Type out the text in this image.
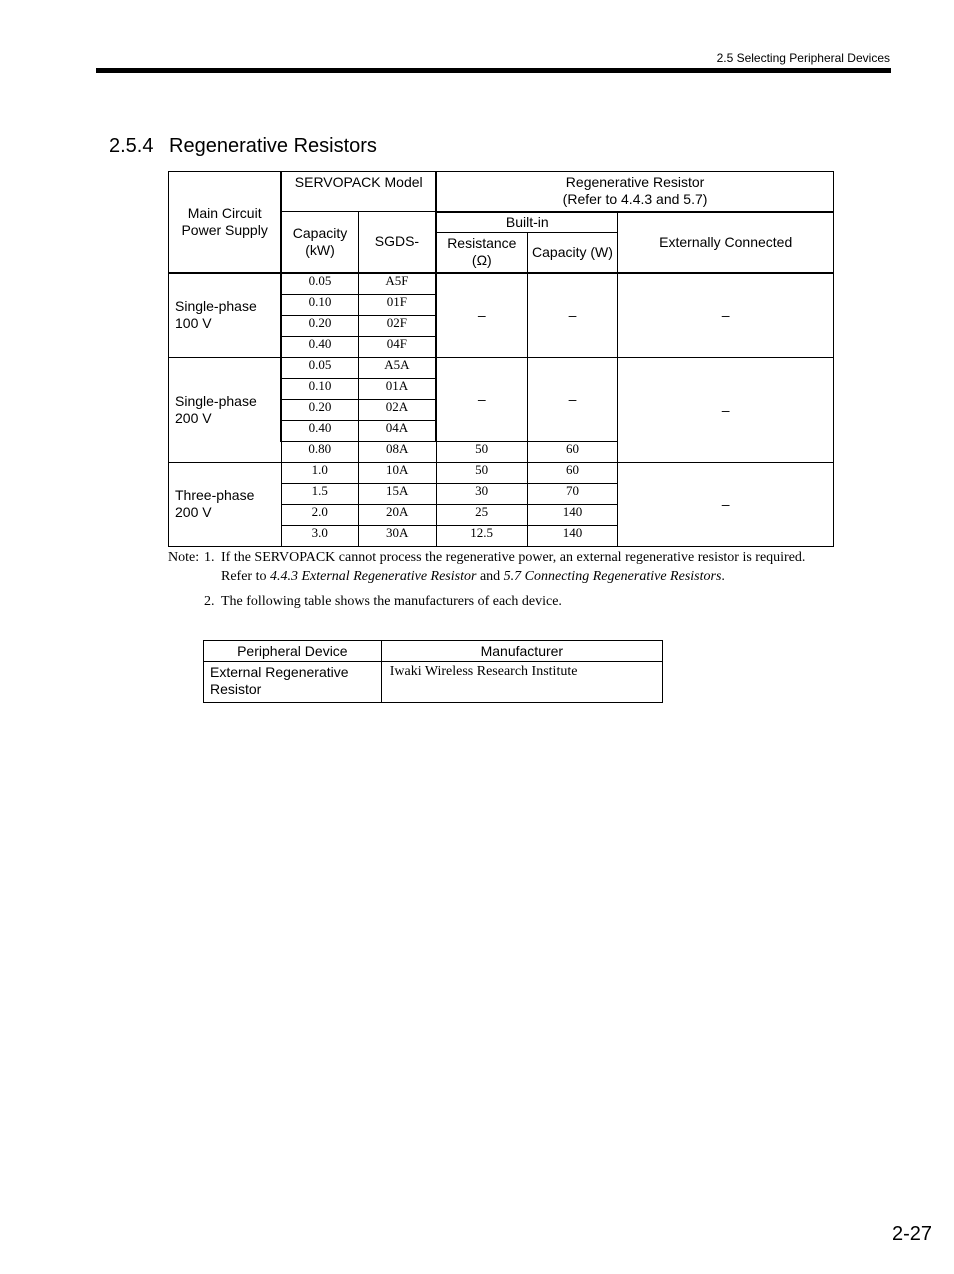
2.5 Selecting Peripheral Devices
2.5.4 Regenerative Resistors
Main Circuit Power Supply	SERVOPACK Model		Regenerative Resistor
(Refer to 4.4.3 and 5.7)		

	Capacity (kW)	SGDS-	Built-in		Externally Connected
			Resistance (Ω)	Capacity (W)	
Single-phase 100 V	0.05	A5F	–	–	–
	0.10	01F			
	0.20	02F			
	0.40	04F			
Single-phase 200 V	0.05	A5A	–	–	–
	0.10	01A			
	0.20	02A			
	0.40	04A			
	0.80	08A	50	60	
Three-phase 200 V	1.0	10A	50	60	–
	1.5	15A	30	70	
	2.0	20A	25	140	
	3.0	30A	12.5	140	
Note: 1. If the SERVOPACK cannot process the regenerative power, an external regenerative resistor is required. Refer to 4.4.3 External Regenerative Resistor and 5.7 Connecting Regenerative Resistors.
2. The following table shows the manufacturers of each device.
Peripheral Device	Manufacturer
External Regenerative Resistor	Iwaki Wireless Research Institute
2-27
